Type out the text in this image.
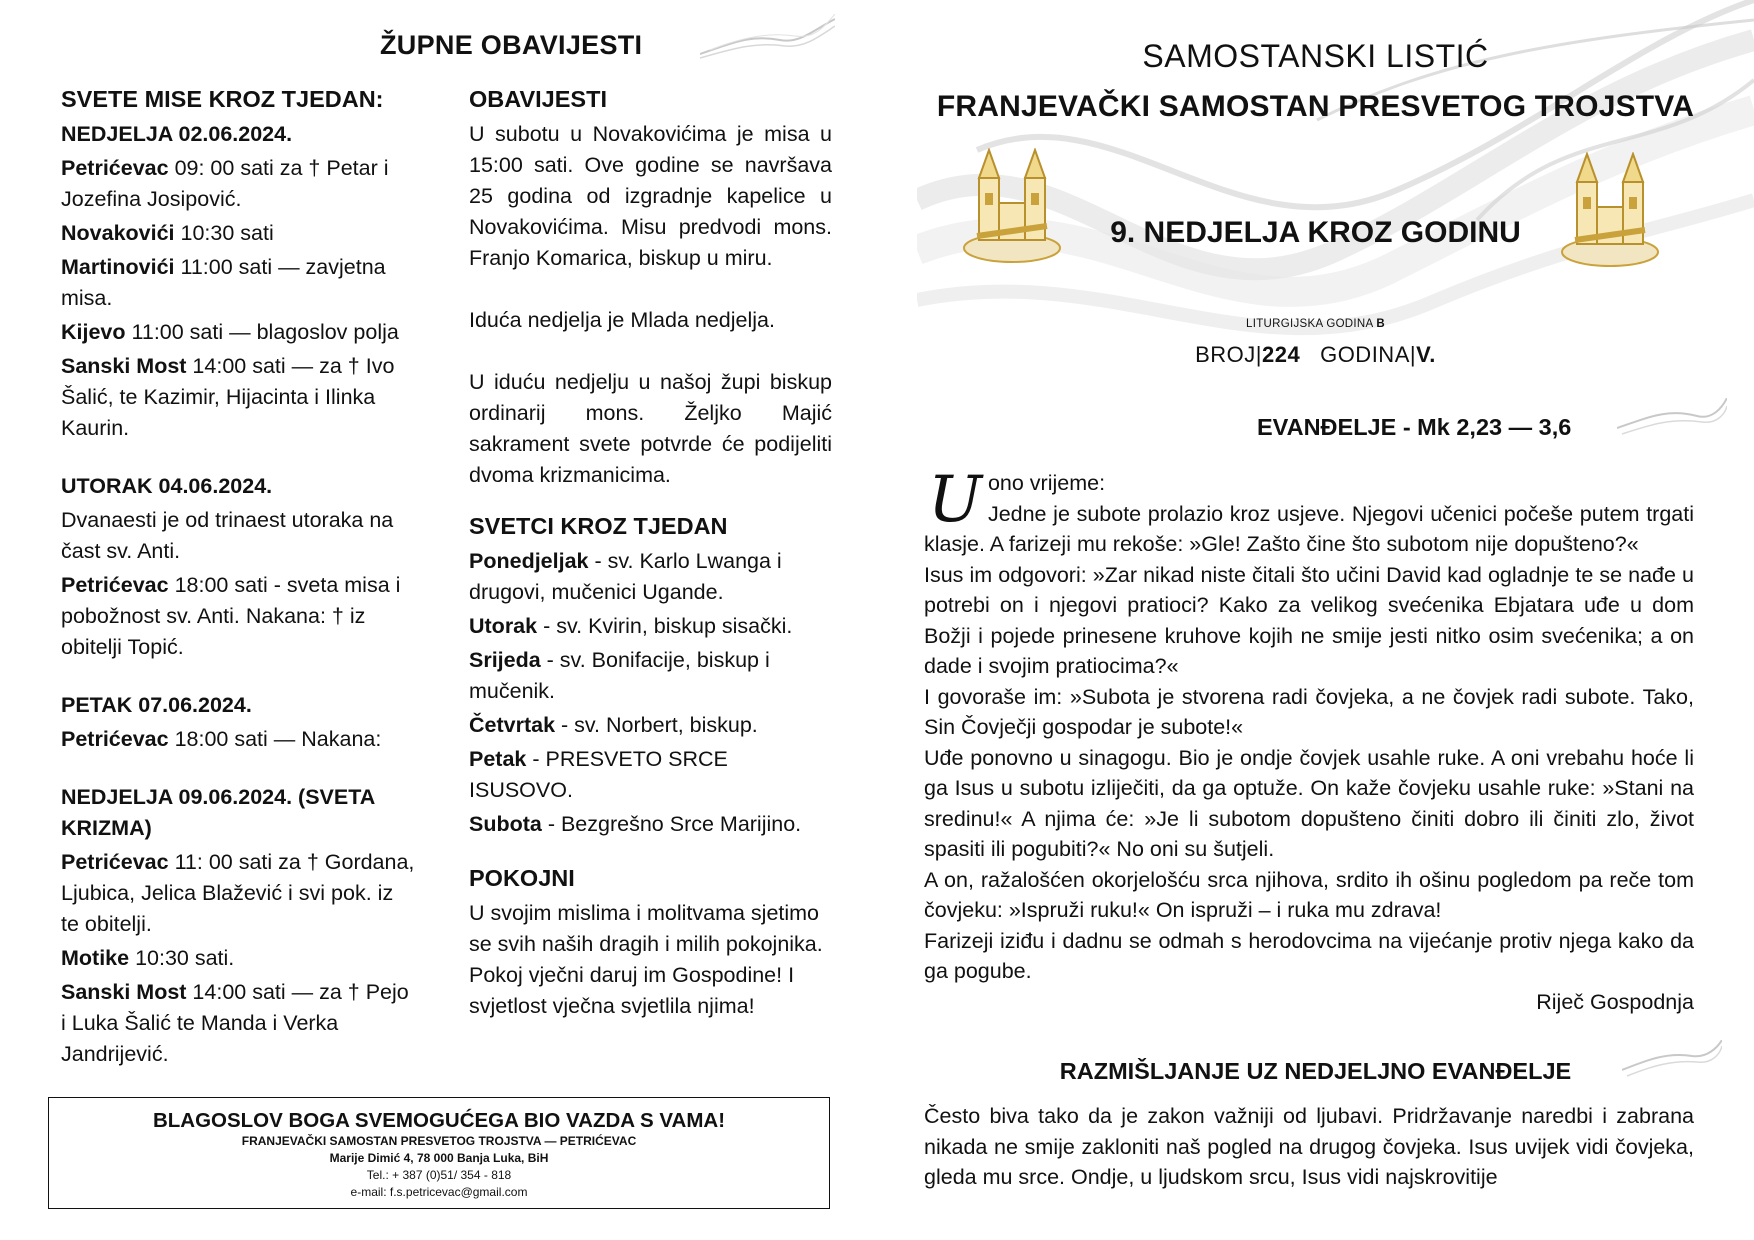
ŽUPNE OBAVIJESTI
SVETE MISE KROZ TJEDAN:
NEDJELJA 02.06.2024.
Petrićevac 09: 00 sati za † Petar i Jozefina Josipović.
Novakovići 10:30 sati
Martinovići 11:00 sati — zavjetna misa.
Kijevo 11:00 sati — blagoslov polja
Sanski Most 14:00 sati — za † Ivo Šalić, te Kazimir, Hijacinta i Ilinka Kaurin.
UTORAK 04.06.2024.
Dvanaesti je od trinaest utoraka na čast sv. Anti.
Petrićevac 18:00 sati - sveta misa i pobožnost sv. Anti. Nakana: † iz obitelji Topić.
PETAK 07.06.2024.
Petrićevac 18:00 sati — Nakana:
NEDJELJA 09.06.2024. (SVETA KRIZMA)
Petrićevac 11: 00 sati za † Gordana, Ljubica, Jelica Blažević i svi pok. iz te obitelji.
Motike 10:30 sati.
Sanski Most 14:00 sati — za † Pejo i Luka Šalić te Manda i Verka Jandrijević.
OBAVIJESTI
U subotu u Novakovićima je misa u 15:00 sati. Ove godine se navršava 25 godina od izgradnje kapelice u Novakovićima. Misu predvodi mons. Franjo Komarica, biskup u miru.
Iduća nedjelja je Mlada nedjelja.
U iduću nedjelju u našoj župi biskup ordinarij mons. Željko Majić sakrament svete potvrde će podijeliti dvoma krizmanicima.
SVETCI KROZ TJEDAN
Ponedjeljak - sv. Karlo Lwanga i drugovi, mučenici Ugande.
Utorak - sv. Kvirin, biskup sisački.
Srijeda - sv. Bonifacije, biskup i mučenik.
Četvrtak - sv. Norbert, biskup.
Petak - PRESVETO SRCE ISUSOVO.
Subota - Bezgrešno Srce Marijino.
POKOJNI
U svojim mislima i molitvama sjetimo se svih naših dragih i milih pokojnika. Pokoj vječni daruj im Gospodine! I svjetlost vječna svjetlila njima!
BLAGOSLOV BOGA SVEMOGUĆEGA BIO VAZDA S VAMA!
FRANJEVAČKI SAMOSTAN PRESVETOG TROJSTVA — PETRIĆEVAC
Marije Dimić 4, 78 000 Banja Luka, BiH
Tel.: + 387 (0)51/ 354 - 818
e-mail: f.s.petricevac@gmail.com
SAMOSTANSKI LISTIĆ
FRANJEVAČKI SAMOSTAN PRESVETOG TROJSTVA
9. NEDJELJA KROZ GODINU
LITURGIJSKA GODINA B
BROJ|224 GODINA|V.
EVANĐELJE - Mk 2,23 — 3,6
U onо vrijeme:

Jedne je subote prolazio kroz usjeve. Njegovi učenici počeše putem trgati klasje. A farizeji mu rekoše: »Gle! Zašto čine što subotom nije dopušteno?«

Isus im odgovori: »Zar nikad niste čitali što učini David kad ogladnje te se nađe u potrebi on i njegovi pratioci? Kako za velikog svećenika Ebjatara uđe u dom Božji i pojede prinesene kruhove kojih ne smije jesti nitko osim svećenika; a on dade i svojim pratiocima?«

I govoraše im: »Subota je stvorena radi čovjeka, a ne čovjek radi subote. Tako, Sin Čovječji gospodar je subote!«

Uđe ponovno u sinagogu. Bio je ondje čovjek usahle ruke. A oni vrebahu hoće li ga Isus u subotu izliječiti, da ga optuže. On kaže čovjeku usahle ruke: »Stani na sredinu!« A njima će: »Je li subotom dopušteno činiti dobro ili činiti zlo, život spasiti ili pogubiti?« No oni su šutjeli.

A on, ražalošćen okorjelošću srca njihova, srdito ih ošinu pogledom pa reče tom čovjeku: »Ispruži ruku!« On ispruži – i ruka mu zdrava!

Farizeji iziđu i dadnu se odmah s herodovcima na vijećanje protiv njega kako da ga pogube.

Riječ Gospodnja

RAZMIŠLJANJE UZ NEDJELJNO EVANĐELJE
Često biva tako da je zakon važniji od ljubavi. Pridržavanje naredbi i zabrana nikada ne smije zakloniti naš pogled na drugog čovjeka. Isus uvijek vidi čovjeka, gleda mu srce. Ondje, u ljudskom srcu, Isus vidi najskrovitije
